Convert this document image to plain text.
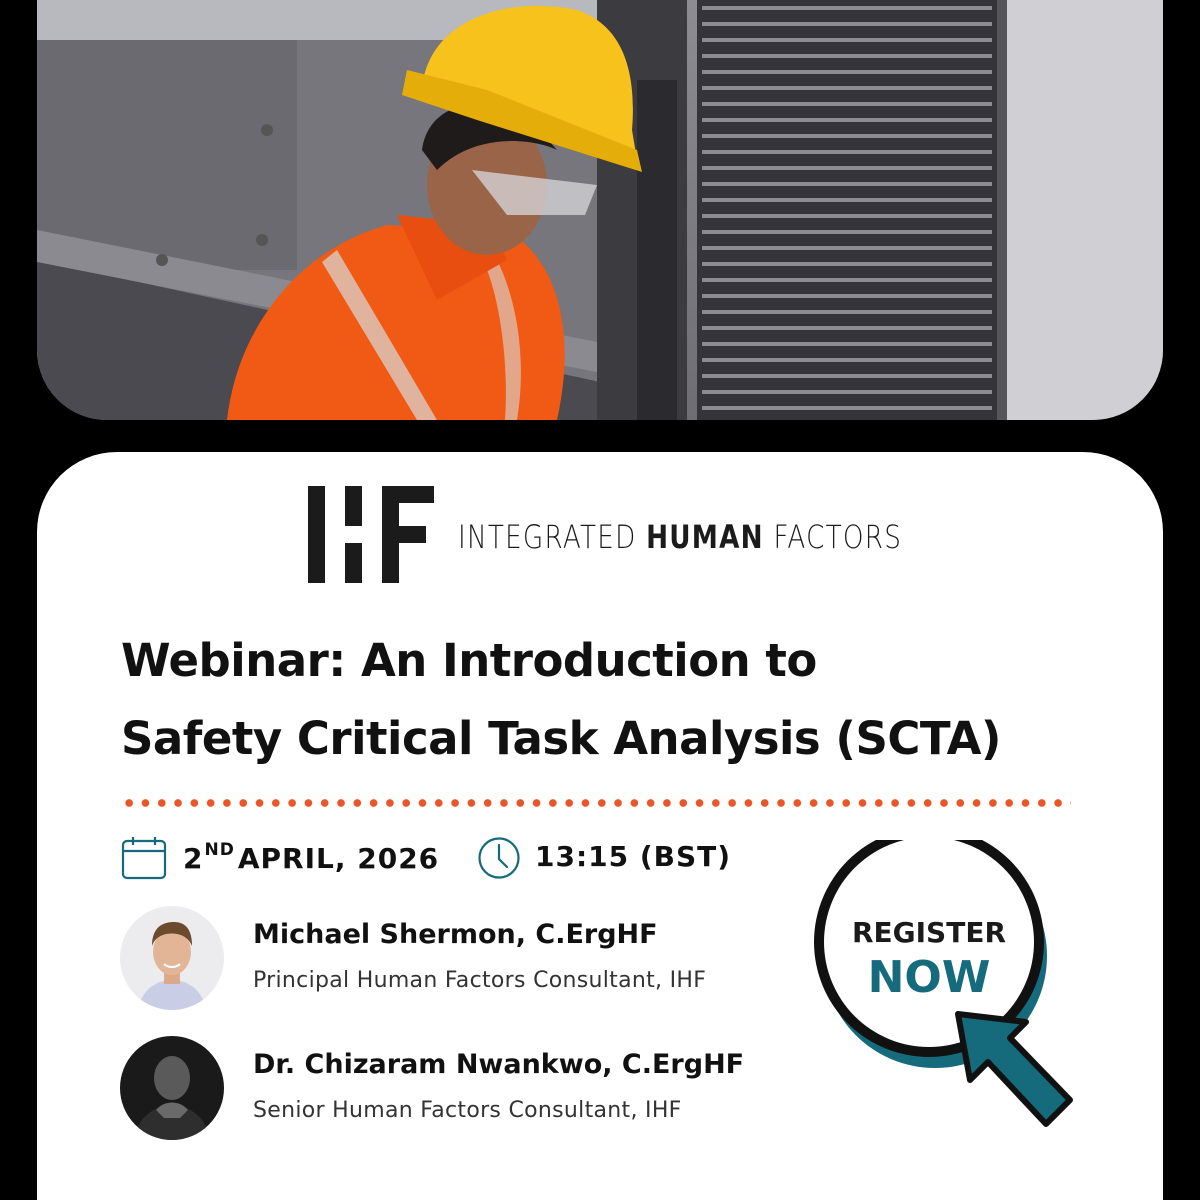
INTEGRATED HUMAN FACTORS
Webinar: An Introduction to
Safety Critical Task Analysis (SCTA)
2ND APRIL, 2026	13:15 (BST)
Michael Shermon, C.ErgHF
Principal Human Factors Consultant, IHF
Dr. Chizaram Nwankwo, C.ErgHF
Senior Human Factors Consultant, IHF
REGISTER
NOW
